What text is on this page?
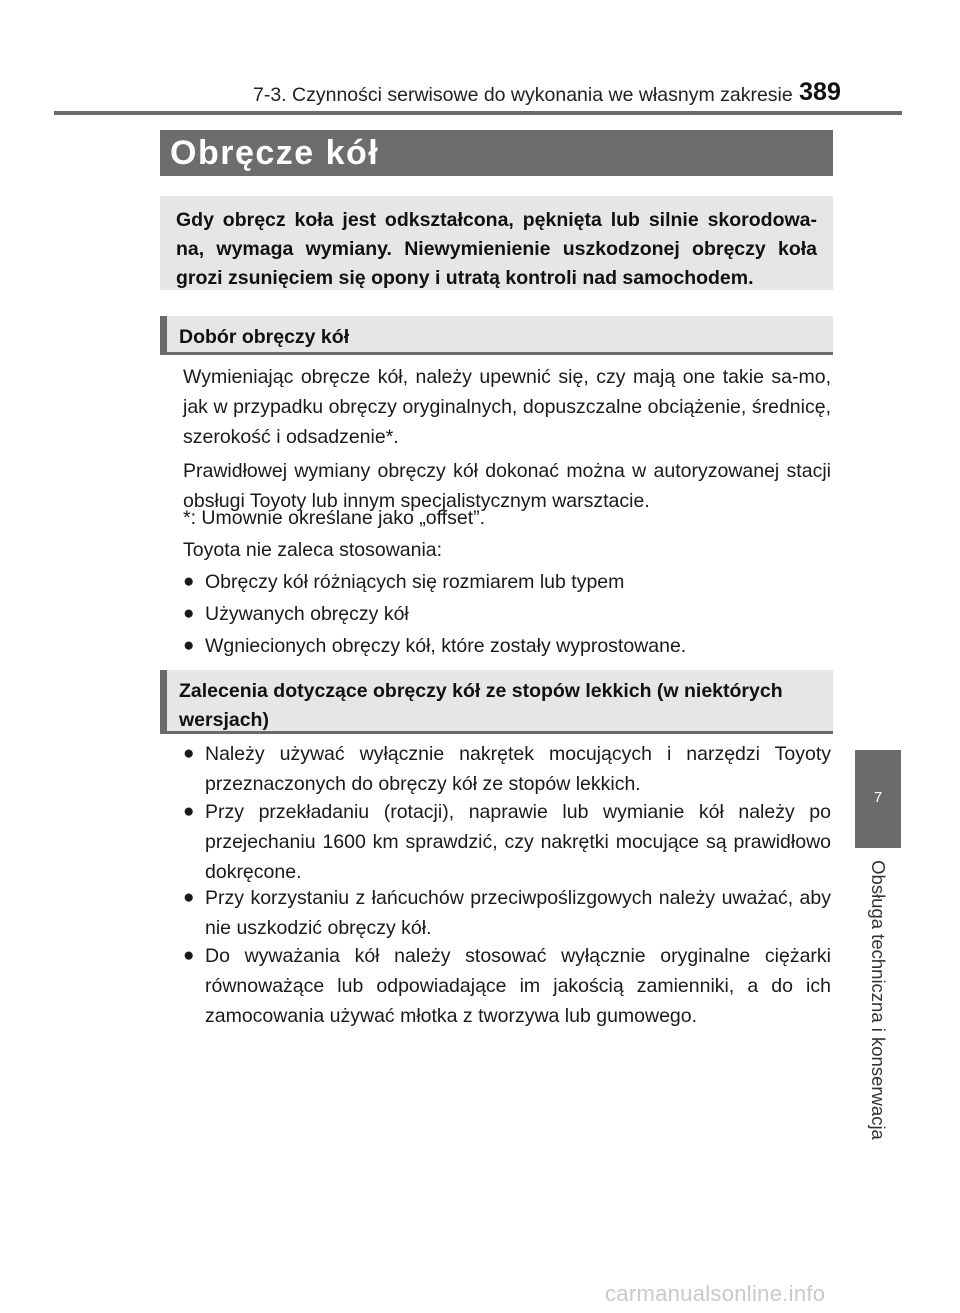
7-3. Czynności serwisowe do wykonania we własnym zakresie 389
Obręcze kół
Gdy obręcz koła jest odkształcona, pęknięta lub silnie skorodowa-na, wymaga wymiany. Niewymienienie uszkodzonej obręczy koła grozi zsunięciem się opony i utratą kontroli nad samochodem.
Dobór obręczy kół
Wymieniając obręcze kół, należy upewnić się, czy mają one takie sa-mo, jak w przypadku obręczy oryginalnych, dopuszczalne obciążenie, średnicę, szerokość i odsadzenie*.
Prawidłowej wymiany obręczy kół dokonać można w autoryzowanej stacji obsługi Toyoty lub innym specjalistycznym warsztacie.
*: Umownie określane jako „offset”.
Toyota nie zaleca stosowania:
● Obręczy kół różniących się rozmiarem lub typem
● Używanych obręczy kół
● Wgniecionych obręczy kół, które zostały wyprostowane.
Zalecenia dotyczące obręczy kół ze stopów lekkich (w niektórych wersjach)
● Należy używać wyłącznie nakrętek mocujących i narzędzi Toyoty przeznaczonych do obręczy kół ze stopów lekkich.
● Przy przekładaniu (rotacji), naprawie lub wymianie kół należy po przejechaniu 1600 km sprawdzić, czy nakrętki mocujące są prawidłowo dokręcone.
● Przy korzystaniu z łańcuchów przeciwpoślizgowych należy uważać, aby nie uszkodzić obręczy kół.
● Do wyważania kół należy stosować wyłącznie oryginalne ciężarki równoważące lub odpowiadające im jakością zamienniki, a do ich zamocowania używać młotka z tworzywa lub gumowego.
7
Obsługa techniczna i konserwacja
carmanualsonline.info
